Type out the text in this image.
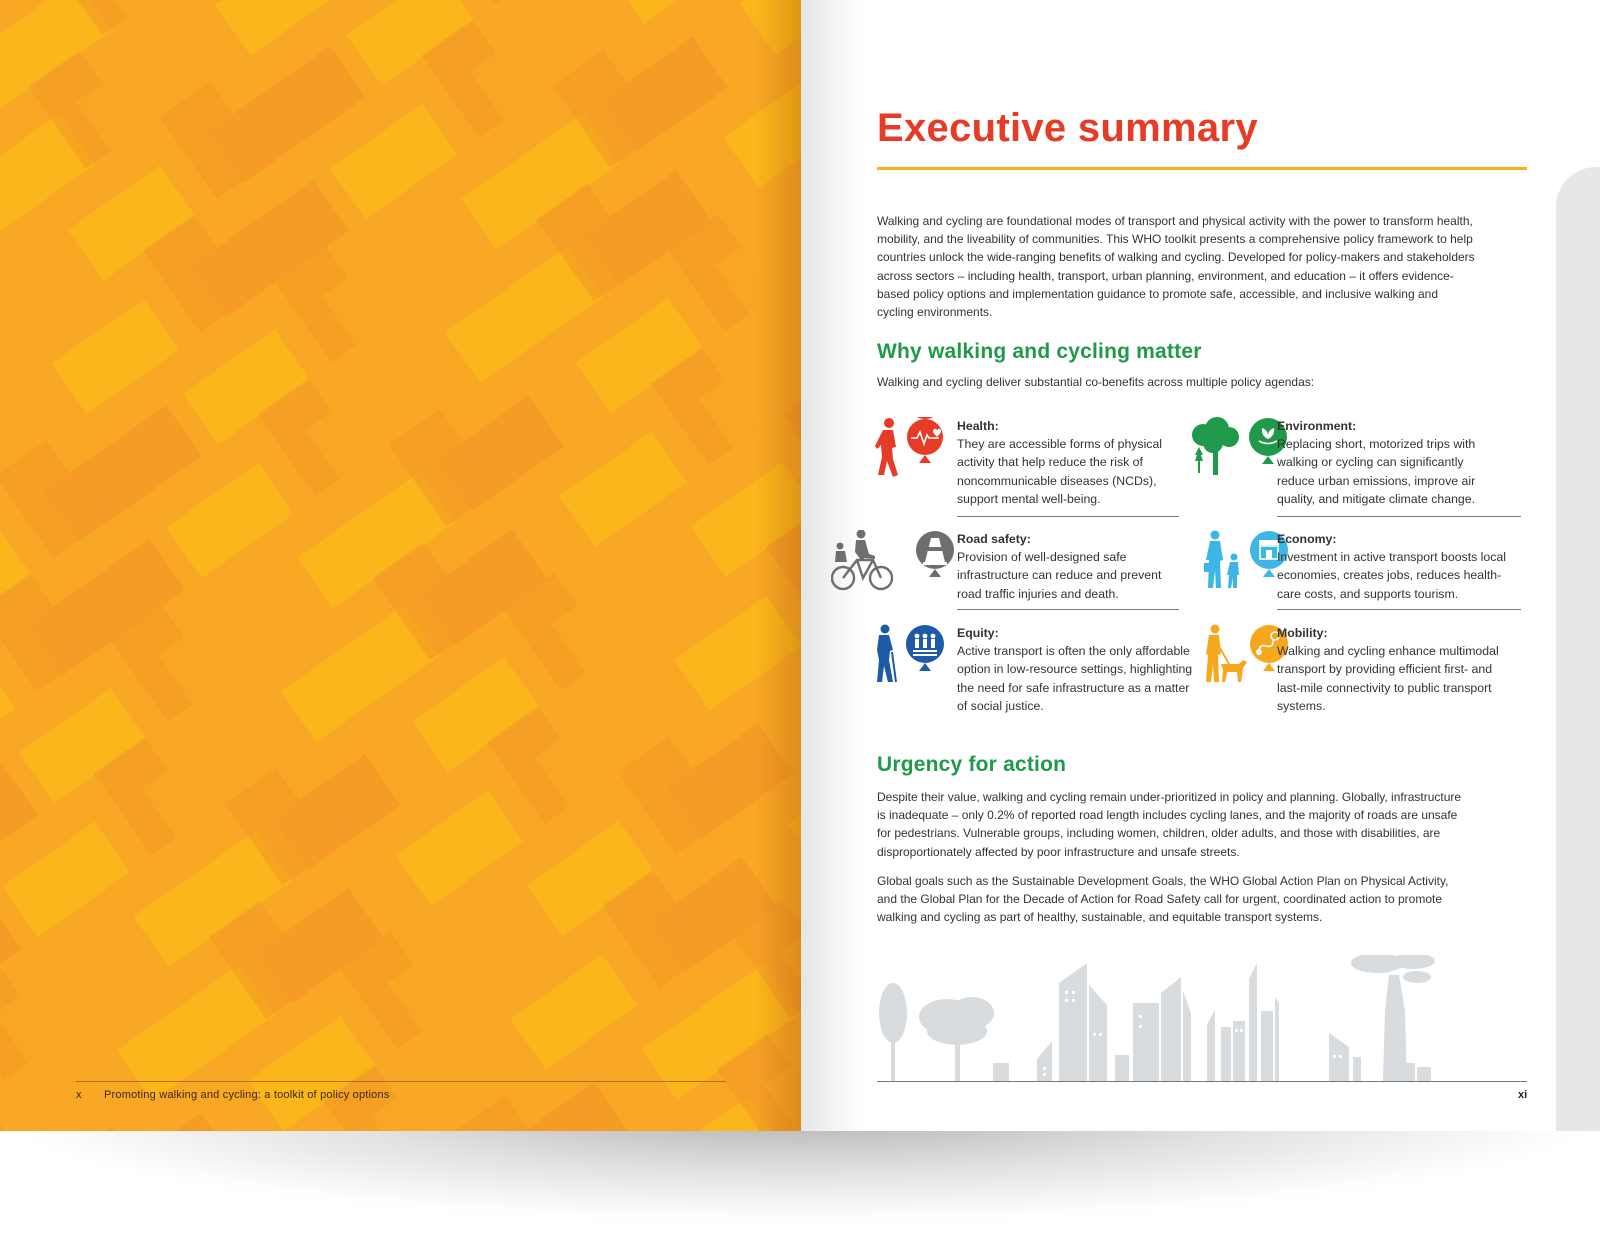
x Promoting walking and cycling: a toolkit of policy options
Executive summary

Walking and cycling are foundational modes of transport and physical activity with the power to transform health, mobility, and the liveability of communities. This WHO toolkit presents a comprehensive policy framework to help countries unlock the wide-ranging benefits of walking and cycling. Developed for policy-makers and stakeholders across sectors – including health, transport, urban planning, environment, and education – it offers evidence-based policy options and implementation guidance to promote safe, accessible, and inclusive walking and cycling environments.

Why walking and cycling matter

Walking and cycling deliver substantial co-benefits across multiple policy agendas:

Health:
They are accessible forms of physical activity that help reduce the risk of noncommunicable diseases (NCDs), support mental well-being.
Environment:
Replacing short, motorized trips with walking or cycling can significantly reduce urban emissions, improve air quality, and mitigate climate change.
Road safety:
Provision of well-designed safe infrastructure can reduce and prevent road traffic injuries and death.
Economy:
Investment in active transport boosts local economies, creates jobs, reduces health-care costs, and supports tourism.
Equity:
Active transport is often the only affordable option in low-resource settings, highlighting the need for safe infrastructure as a matter of social justice.
Mobility:
Walking and cycling enhance multimodal transport by providing efficient first- and last-mile connectivity to public transport systems.
Urgency for action

Despite their value, walking and cycling remain under-prioritized in policy and planning. Globally, infrastructure is inadequate – only 0.2% of reported road length includes cycling lanes, and the majority of roads are unsafe for pedestrians. Vulnerable groups, including women, children, older adults, and those with disabilities, are disproportionately affected by poor infrastructure and unsafe streets.

Global goals such as the Sustainable Development Goals, the WHO Global Action Plan on Physical Activity, and the Global Plan for the Decade of Action for Road Safety call for urgent, coordinated action to promote walking and cycling as part of healthy, sustainable, and equitable transport systems.

xi
